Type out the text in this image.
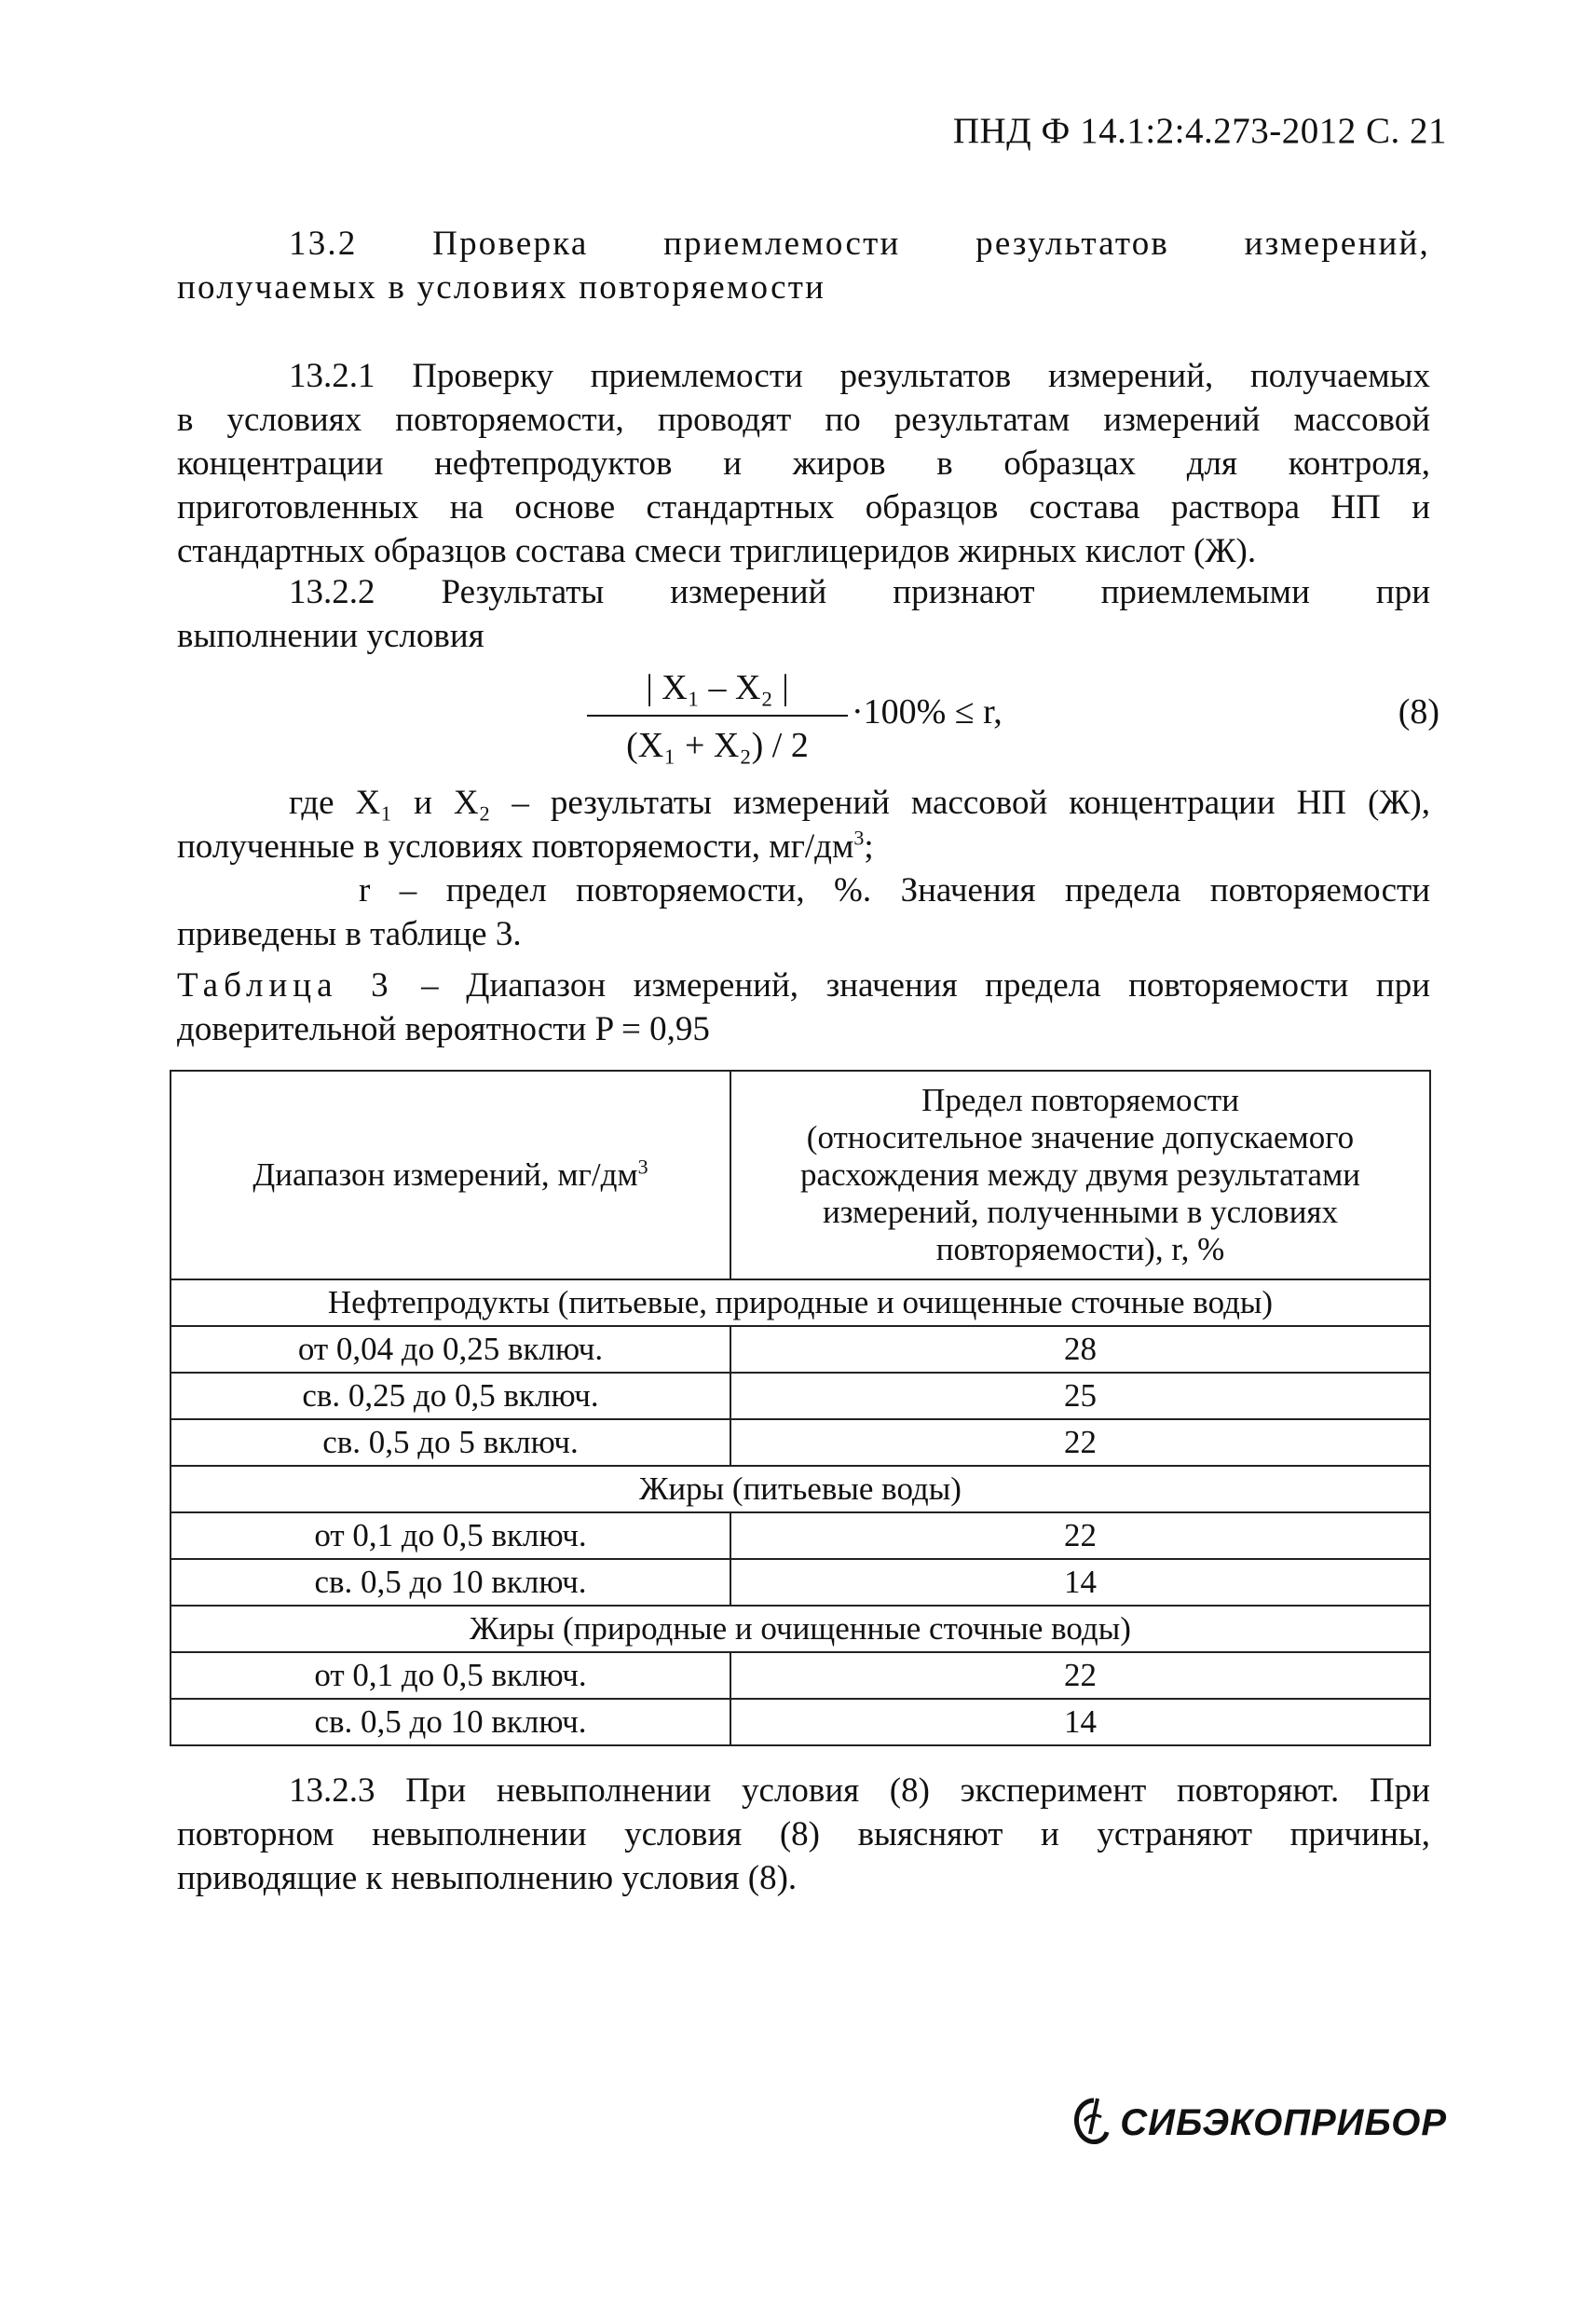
ПНД Ф 14.1:2:4.273-2012 С. 21
13.2 Проверка приемлемости результатов измерений,
получаемых в условиях повторяемости
13.2.1 Проверку приемлемости результатов измерений, получаемых
в условиях повторяемости, проводят по результатам измерений массовой
концентрации нефтепродуктов и жиров в образцах для контроля,
приготовленных на основе стандартных образцов состава раствора НП и
стандартных образцов состава смеси триглицеридов жирных кислот (Ж).
13.2.2 Результаты измерений признают приемлемыми при
выполнении условия
| X₁ – X₂ |
(X₁ + X₂) / 2
·100% ≤ r,	(8)
где X₁ и X₂ – результаты измерений массовой концентрации НП (Ж),
полученные в условиях повторяемости, $мг/дм^3$;
r – предел повторяемости, %. Значения предела повторяемости
приведены в таблице 3.
Таблица 3 – Диапазон измерений, значения предела повторяемости при
доверительной вероятности P = 0,95
Диапазон измерений, $мг/дм^3$	Предел повторяемости
(относительное значение допускаемого
расхождения между двумя результатами
измерений, полученными в условиях
повторяемости), r, %

Нефтепродукты (питьевые, природные и очищенные сточные воды)	
от 0,04 до 0,25 включ.	28
св. 0,25 до 0,5 включ.	25
св. 0,5 до 5 включ.	22
Жиры (питьевые воды)	
от 0,1 до 0,5 включ.	22
св. 0,5 до 10 включ.	14
Жиры (природные и очищенные сточные воды)	
от 0,1 до 0,5 включ.	22
св. 0,5 до 10 включ.	14
13.2.3 При невыполнении условия (8) эксперимент повторяют. При
повторном невыполнении условия (8) выясняют и устраняют причины,
приводящие к невыполнению условия (8).
СИБЭКОПРИБОР
